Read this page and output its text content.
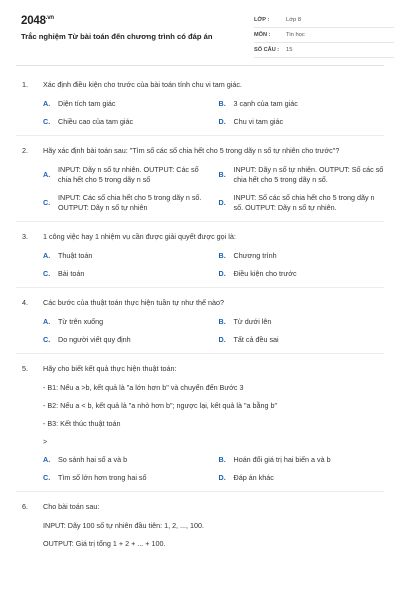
$2048^{.vn}$
Trắc nghiệm Từ bài toán đến chương trình có đáp án
LỚP :	Lớp 8
MÔN :	Tin học
SỐ CÂU :	15
1.	Xác định điều kiện cho trước của bài toán tính chu vi tam giác.
A.	Diện tích tam giác	B.	3 cạnh của tam giác
C.	Chiều cao của tam giác	D.	Chu vi tam giác
2.	Hãy xác định bài toán sau: "Tìm số các số chia hết cho 5 trong dãy n số tự nhiên cho trước"?
A.
INPUT: Dãy n số tự nhiên. OUTPUT: Các số chia hết cho 5 trong dãy n số
B.
INPUT: Dãy n số tự nhiên. OUTPUT: Số các số chia hết cho 5 trong dãy n số.
C.
INPUT: Các số chia hết cho 5 trong dãy n số. OUTPUT: Dãy n số tự nhiên
D.
INPUT: Số các số chia hết cho 5 trong dãy n số. OUTPUT: Dãy n số tự nhiên.
3.	1 công việc hay 1 nhiệm vụ cần được giải quyết được gọi là:
A.	Thuật toán	B.	Chương trình
C.	Bài toán	D.	Điều kiện cho trước
4.	Các bước của thuật toán thực hiện tuần tự như thế nào?
A.	Từ trên xuống	B.	Từ dưới lên
C.	Do người viết quy định	D.	Tất cả đều sai
5.	Hãy cho biết kết quả thực hiện thuật toán:
- B1: Nếu a >b, kết quả là "a lớn hơn b" và chuyển đến Bước 3
- B2: Nếu a < b, kết quả là "a nhỏ hơn b"; ngược lại, kết quả là "a bằng b"
- B3: Kết thúc thuật toán
>
A.	So sánh hai số a và b	B.	Hoán đổi giá trị hai biến a và b
C.	Tìm số lớn hơn trong hai số	D.	Đáp án khác
6.	Cho bài toán sau:
INPUT: Dãy 100 số tự nhiên đầu tiên: 1, 2, ..., 100.
OUTPUT: Giá trị tổng 1 + 2 + ... + 100.
